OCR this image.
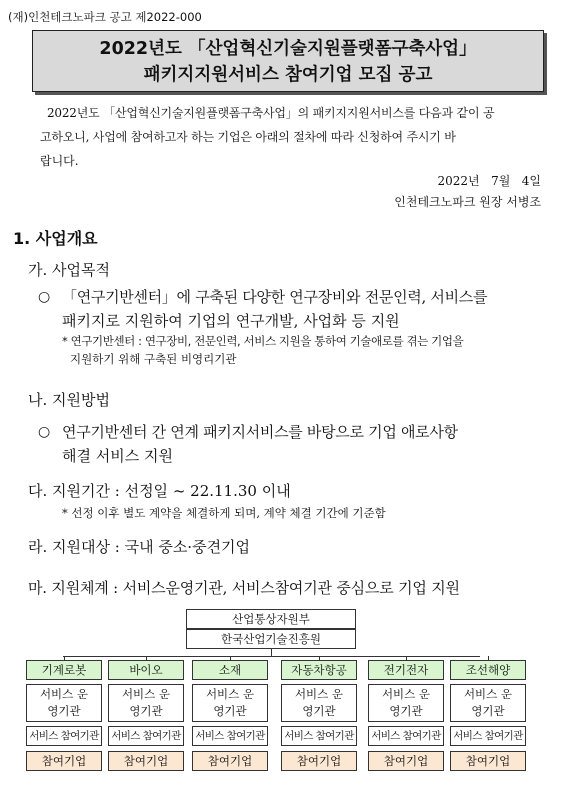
(재)인천테크노파크 공고 제2022-000
2022년도 「산업혁신기술지원플랫폼구축사업」
패키지지원서비스 참여기업 모집 공고
2022년도 「산업혁신기술지원플랫폼구축사업」의 패키지지원서비스를 다음과 같이 공
고하오니, 사업에 참여하고자 하는 기업은 아래의 절차에 따라 신청하여 주시기 바
랍니다.
2022년   7월   4일
인천테크노파크 원장 서병조
1. 사업개요
가. 사업목적
○ 「연구기반센터」에 구축된 다양한 연구장비와 전문인력, 서비스를
패키지로 지원하여 기업의 연구개발, 사업화 등 지원
* 연구기반센터 : 연구장비, 전문인력, 서비스 지원을 통하여 기술애로를 겪는 기업을
지원하기 위해 구축된 비영리기관
나. 지원방법
○ 연구기반센터 간 연계 패키지서비스를 바탕으로 기업 애로사항
해결 서비스 지원
다. 지원기간 : 선정일 ~ 22.11.30 이내
* 선정 이후 별도 계약을 체결하게 되며, 계약 체결 기간에 기준함
라. 지원대상 : 국내 중소·중견기업
마. 지원체계 : 서비스운영기관, 서비스참여기관 중심으로 기업 지원
산업통상자원부
한국산업기술진흥원
기계로봇
서비스 운영기관
서비스 참여기관
참여기업
바이오
서비스 운영기관
서비스 참여기관
참여기업
소재
서비스 운영기관
서비스 참여기관
참여기업
자동차항공
서비스 운영기관
서비스 참여기관
참여기업
전기전자
서비스 운영기관
서비스 참여기관
참여기업
조선해양
서비스 운영기관
서비스 참여기관
참여기업
